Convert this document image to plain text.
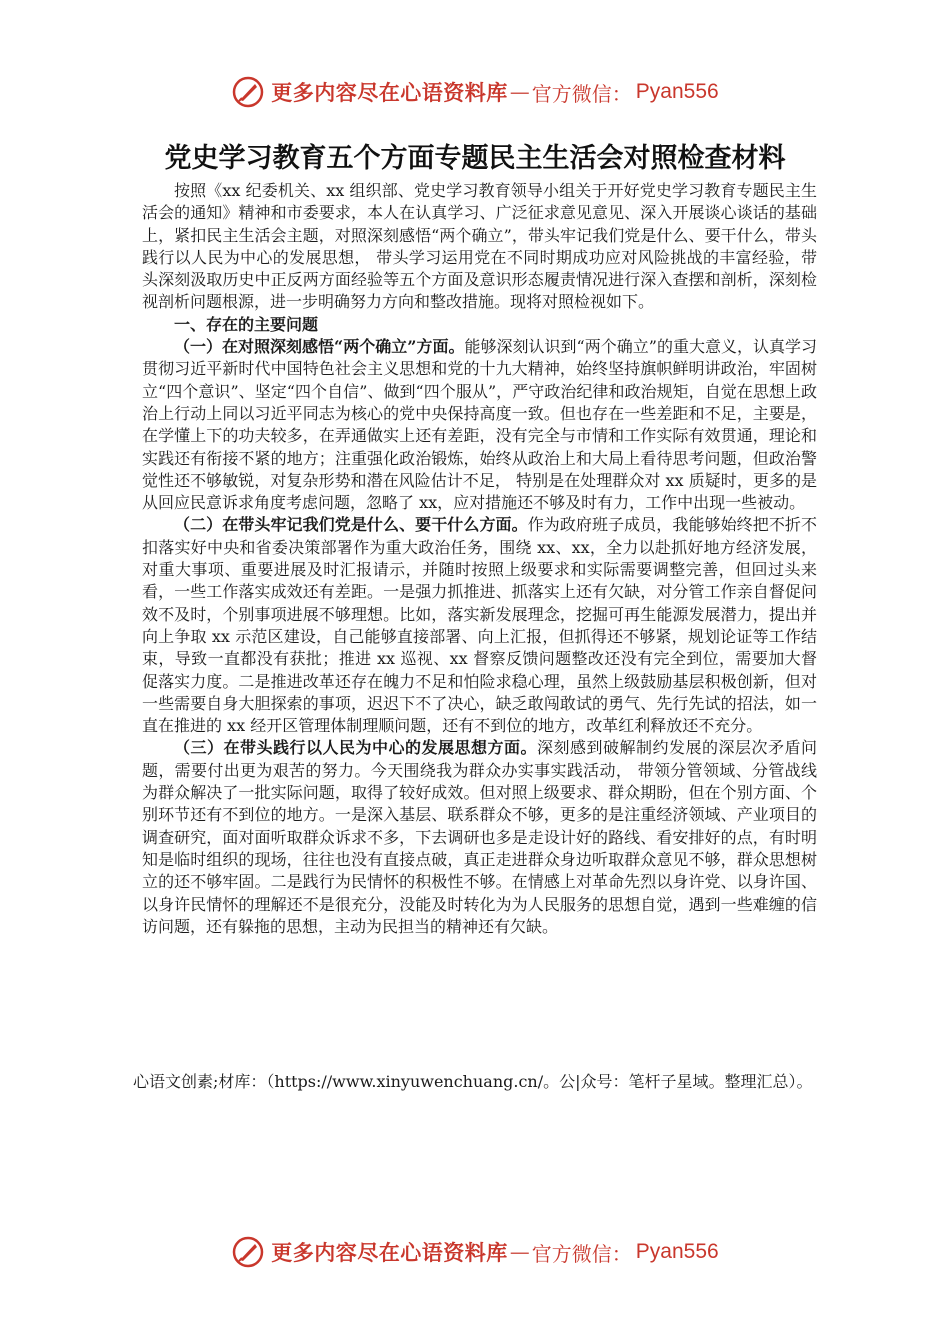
更多内容尽在心语资料库 — 官方微信： Pyan556
党史学习教育五个方面专题民主生活会对照检查材料

按照《xx 纪委机关、xx 组织部、党史学习教育领导小组关于开好党史学习教育专题民主生活会的通知》精神和市委要求，本人在认真学习、广泛征求意见意见、深入开展谈心谈话的基础上，紧扣民主生活会主题，对照深刻感悟“两个确立”，带头牢记我们党是什么、要干什么，带头践行以人民为中心的发展思想， 带头学习运用党在不同时期成功应对风险挑战的丰富经验，带头深刻汲取历史中正反两方面经验等五个方面及意识形态履责情况进行深入查摆和剖析，深刻检视剖析问题根源，进一步明确努力方向和整改措施。现将对照检视如下。

一、存在的主要问题

（一）在对照深刻感悟“两个确立”方面。能够深刻认识到“两个确立”的重大意义，认真学习贯彻习近平新时代中国特色社会主义思想和党的十九大精神，始终坚持旗帜鲜明讲政治，牢固树立“四个意识”、坚定“四个自信”、做到“四个服从”，严守政治纪律和政治规矩，自觉在思想上政治上行动上同以习近平同志为核心的党中央保持高度一致。但也存在一些差距和不足，主要是，在学懂上下的功夫较多，在弄通做实上还有差距，没有完全与市情和工作实际有效贯通，理论和实践还有衔接不紧的地方；注重强化政治锻炼，始终从政治上和大局上看待思考问题，但政治警觉性还不够敏锐，对复杂形势和潜在风险估计不足， 特别是在处理群众对 xx 质疑时，更多的是从回应民意诉求角度考虑问题，忽略了 xx，应对措施还不够及时有力，工作中出现一些被动。

（二）在带头牢记我们党是什么、要干什么方面。作为政府班子成员，我能够始终把不折不扣落实好中央和省委决策部署作为重大政治任务，围绕 xx、xx，全力以赴抓好地方经济发展，对重大事项、重要进展及时汇报请示，并随时按照上级要求和实际需要调整完善，但回过头来看，一些工作落实成效还有差距。一是强力抓推进、抓落实上还有欠缺，对分管工作亲自督促问效不及时，个别事项进展不够理想。比如，落实新发展理念，挖掘可再生能源发展潜力，提出并向上争取 xx 示范区建设，自己能够直接部署、向上汇报，但抓得还不够紧，规划论证等工作结束，导致一直都没有获批；推进 xx 巡视、xx 督察反馈问题整改还没有完全到位，需要加大督促落实力度。二是推进改革还存在魄力不足和怕险求稳心理，虽然上级鼓励基层积极创新，但对一些需要自身大胆探索的事项，迟迟下不了决心，缺乏敢闯敢试的勇气、先行先试的招法，如一直在推进的 xx 经开区管理体制理顺问题，还有不到位的地方，改革红利释放还不充分。

（三）在带头践行以人民为中心的发展思想方面。深刻感到破解制约发展的深层次矛盾问题，需要付出更为艰苦的努力。今天围绕我为群众办实事实践活动， 带领分管领域、分管战线为群众解决了一批实际问题，取得了较好成效。但对照上级要求、群众期盼，但在个别方面、个别环节还有不到位的地方。一是深入基层、联系群众不够，更多的是注重经济领域、产业项目的调查研究，面对面听取群众诉求不多，下去调研也多是走设计好的路线、看安排好的点，有时明知是临时组织的现场，往往也没有直接点破，真正走进群众身边听取群众意见不够，群众思想树立的还不够牢固。二是践行为民情怀的积极性不够。在情感上对革命先烈以身许党、以身许国、以身许民情怀的理解还不是很充分，没能及时转化为为人民服务的思想自觉，遇到一些难缠的信访问题，还有躲拖的思想，主动为民担当的精神还有欠缺。

心语文创素;材库：（https://www.xinyuwenchuang.cn/。公|众号：笔杆子星域。整理汇总）。
更多内容尽在心语资料库 — 官方微信： Pyan556
